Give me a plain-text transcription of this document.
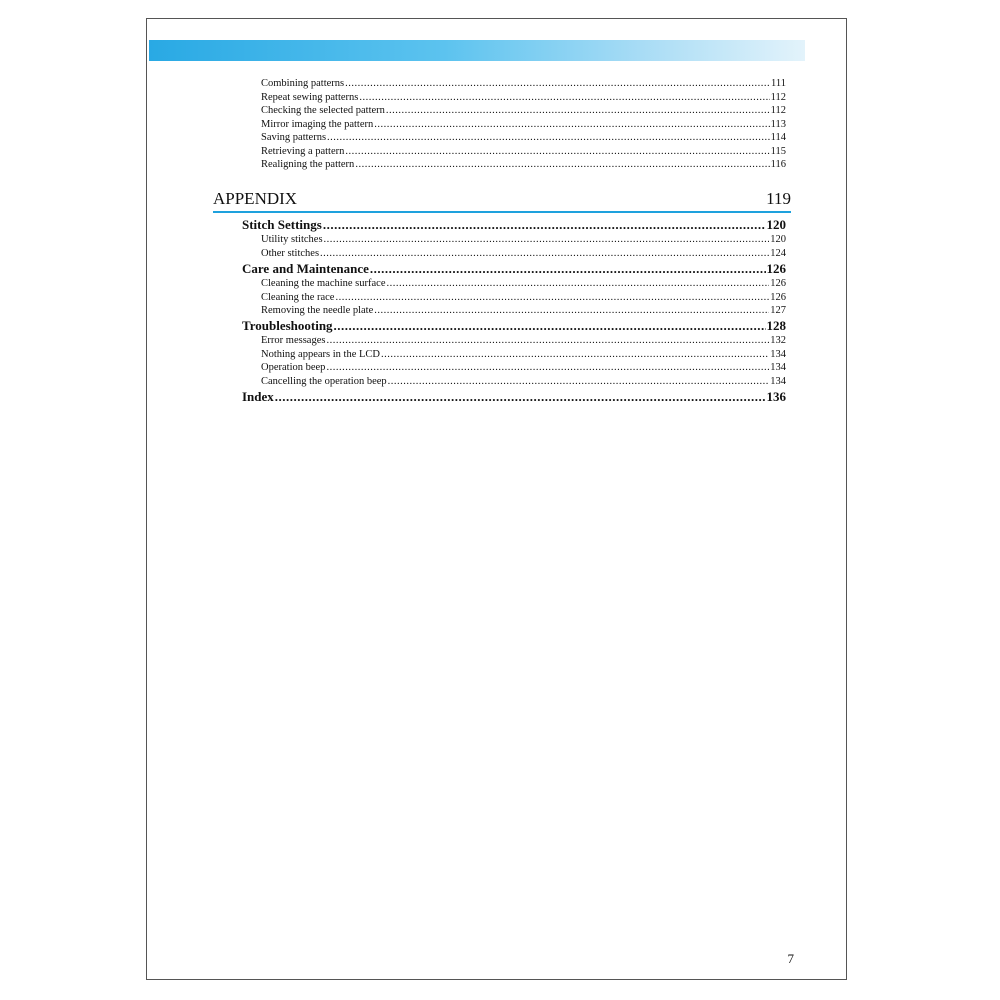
Combining patterns .....	111
Repeat sewing patterns .....	112
Checking the selected pattern .....	112
Mirror imaging the pattern .....	113
Saving patterns .....	114
Retrieving a pattern .....	115
Realigning the pattern .....	116
APPENDIX	119
Stitch Settings .....	120
Utility stitches .....	120
Other stitches .....	124
Care and Maintenance .....	126
Cleaning the machine surface .....	126
Cleaning the race .....	126
Removing the needle plate .....	127
Troubleshooting .....	128
Error messages .....	132
Nothing appears in the LCD .....	134
Operation beep .....	134
Cancelling the operation beep .....	134
Index .....	136
7
